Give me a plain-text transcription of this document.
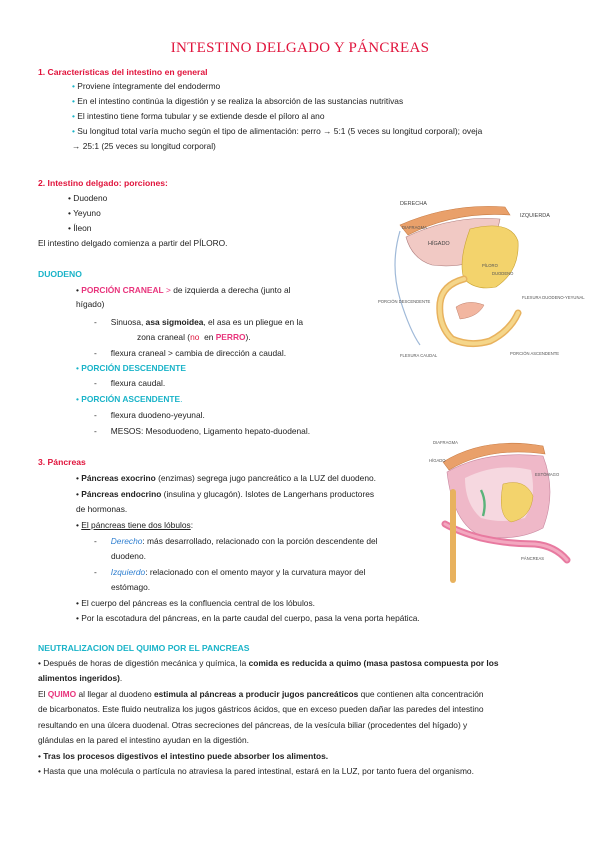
INTESTINO DELGADO Y PÁNCREAS
1. Características del intestino en general
• Proviene íntegramente del endodermo
• En el intestino continúa la digestión y se realiza la absorción de las sustancias nutritivas
• El intestino tiene forma tubular y se extiende desde el píloro al ano
• Su longitud total varía mucho según el tipo de alimentación: perro → 5:1 (5 veces su longitud corporal); oveja
→ 25:1 (25 veces su longitud corporal)
2. Intestino delgado: porciones:
• Duodeno
• Yeyuno
• Íleon
El intestino delgado comienza a partir del PÍLORO.
DUODENO
• PORCIÓN CRANEAL > de izquierda a derecha (junto al
hígado)
-      Sinuosa, asa sigmoidea, el asa es un pliegue en la
zona craneal (no en PERRO).
-      flexura craneal > cambia de dirección a caudal.
• PORCIÓN DESCENDENTE
-      flexura caudal.
• PORCIÓN ASCENDENTE.
-      flexura duodeno-yeyunal.
-      MESOS: Mesoduodeno, Ligamento hepato-duodenal.
3. Páncreas
• Páncreas exocrino (enzimas) segrega jugo pancreático a la LUZ del duodeno.
• Páncreas endocrino (insulina y glucagón). Islotes de Langerhans productores
de hormonas.
• El páncreas tiene dos lóbulos:
-      Derecho: más desarrollado, relacionado con la porción descendente del
duodeno.
-      Izquierdo: relacionado con el omento mayor y la curvatura mayor del
estómago.
• El cuerpo del páncreas es la confluencia central de los lóbulos.
• Por la escotadura del páncreas, en la parte caudal del cuerpo, pasa la vena porta hepática.
NEUTRALIZACION DEL QUIMO POR EL PANCREAS
• Después de horas de digestión mecánica y química, la comida es reducida a quimo (masa pastosa compuesta por los
alimentos ingeridos).
El QUIMO al llegar al duodeno estimula al páncreas a producir jugos pancreáticos que contienen alta concentración
de bicarbonatos. Este fluido neutraliza los jugos gástricos ácidos, que en exceso pueden dañar las paredes del intestino
resultando en una úlcera duodenal. Otras secreciones del páncreas, de la vesícula biliar (procedentes del hígado) y
glándulas en la pared el intestino ayudan en la digestión.
• Tras los procesos digestivos el intestino puede absorber los alimentos.
• Hasta que una molécula o partícula no atraviesa la pared intestinal, estará en la LUZ, por tanto fuera del organismo.
DERECHA
IZQUIERDA
DIAFRAGMA
HÍGADO
PÍLORO
DUODENO
PORCIÓN DESCENDENTE
FLEXURA CAUDAL	PORCIÓN ASCENDENTE
FLEXURA DUODENO-YEYUNAL
DIAFRAGMA
HÍGADO
ESTÓMAGO
PÁNCREAS
